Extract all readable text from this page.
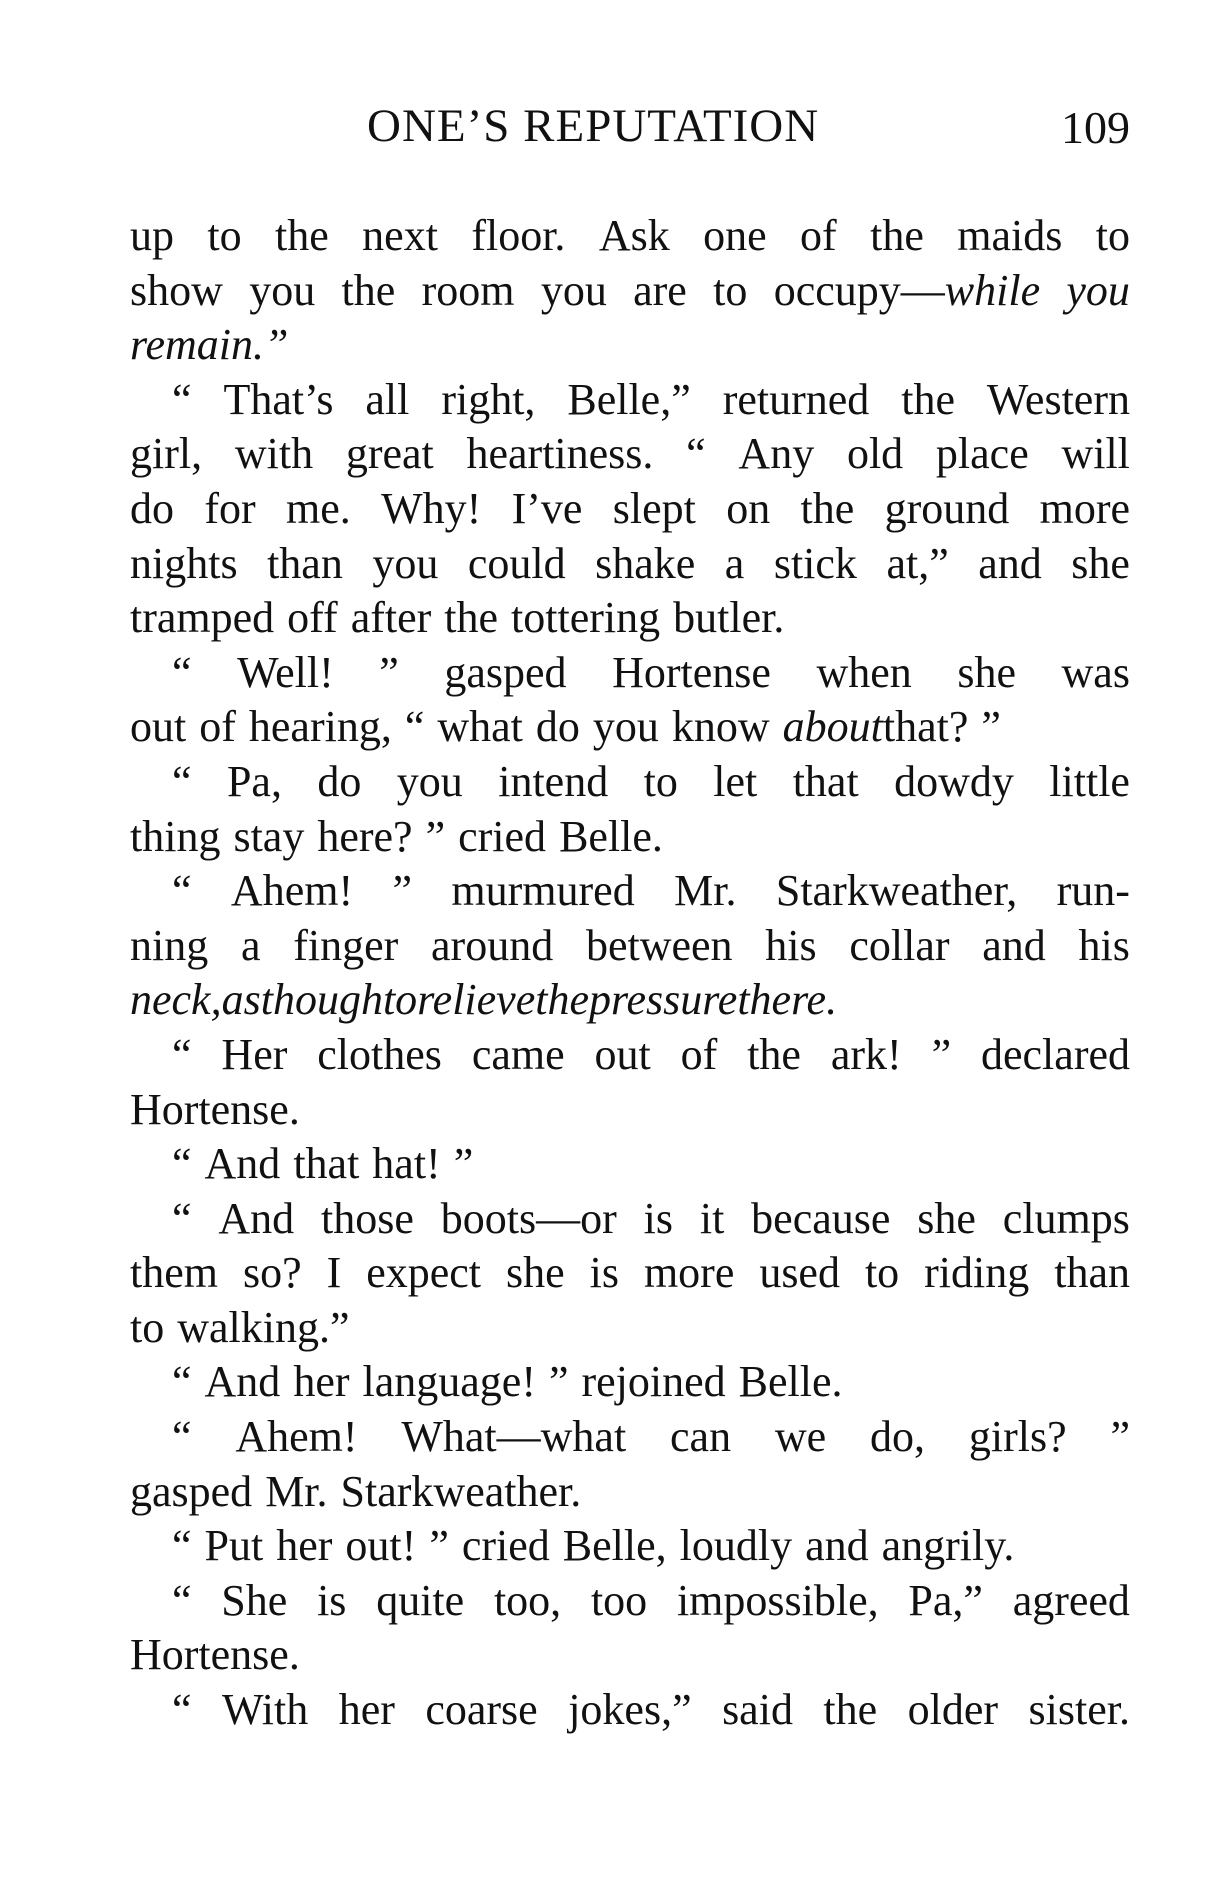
ONE’S REPUTATION	109
up to the next floor. Ask one of the maids to
show you the room you are to occupy—while you
remain.”
“ That’s all right, Belle,” returned the Western
girl, with great heartiness. “ Any old place will
do for me. Why! I’ve slept on the ground more
nights than you could shake a stick at,” and she
tramped off after the tottering butler.
“ Well! ” gasped Hortense when she was
out of hearing, “ what do you know about that? ”
“ Pa, do you intend to let that dowdy little
thing stay here? ” cried Belle.
“ Ahem! ” murmured Mr. Starkweather, run-
ning a finger around between his collar and his
neck, as though to relieve the pressure there.
“ Her clothes came out of the ark! ” declared
Hortense.
“ And that hat! ”
“ And those boots—or is it because she clumps
them so? I expect she is more used to riding than
to walking.”
“ And her language! ” rejoined Belle.
“ Ahem! What—what can we do, girls? ”
gasped Mr. Starkweather.
“ Put her out! ” cried Belle, loudly and angrily.
“ She is quite too, too impossible, Pa,” agreed
Hortense.
“ With her coarse jokes,” said the older sister.
